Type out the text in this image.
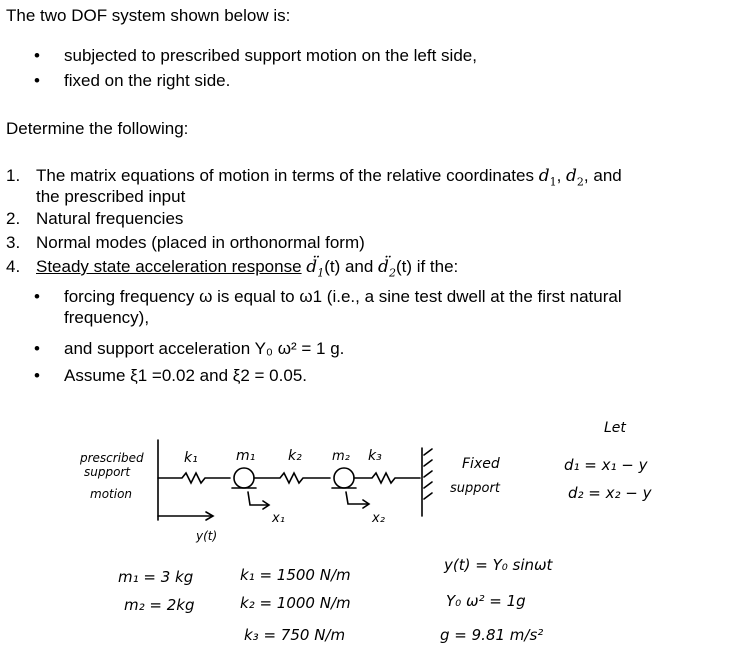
The two DOF system shown below is:
• subjected to prescribed support motion on the left side,
• fixed on the right side.
Determine the following:
1. The matrix equations of motion in terms of the relative coordinates $d_1$, $d_2$, and
the prescribed input
2. Natural frequencies
3. Normal modes (placed in orthonormal form)
4. Steady state acceleration response $d̈_1(t)$ and $d̈_2(t)$ if the:
• forcing frequency ω is equal to ω1 (i.e., a sine test dwell at the first natural
frequency),
• and support acceleration Y₀ ω² = 1 g.
• Assume ξ1 =0.02 and ξ2 = 0.05.
prescribed
support
motion
k₁	m₁ k₂ m₂ k₃
x₁	x₂
y(t)
Fixed
support
Let
d₁ = x₁ − y
d₂ = x₂ − y
m₁ = 3 kg
m₂ = 2kg
k₁ = 1500 N/m
k₂ = 1000 N/m
k₃ = 750 N/m
y(t) = Y₀ sinωt
Y₀ ω² = 1g
g = 9.81 m/s²
